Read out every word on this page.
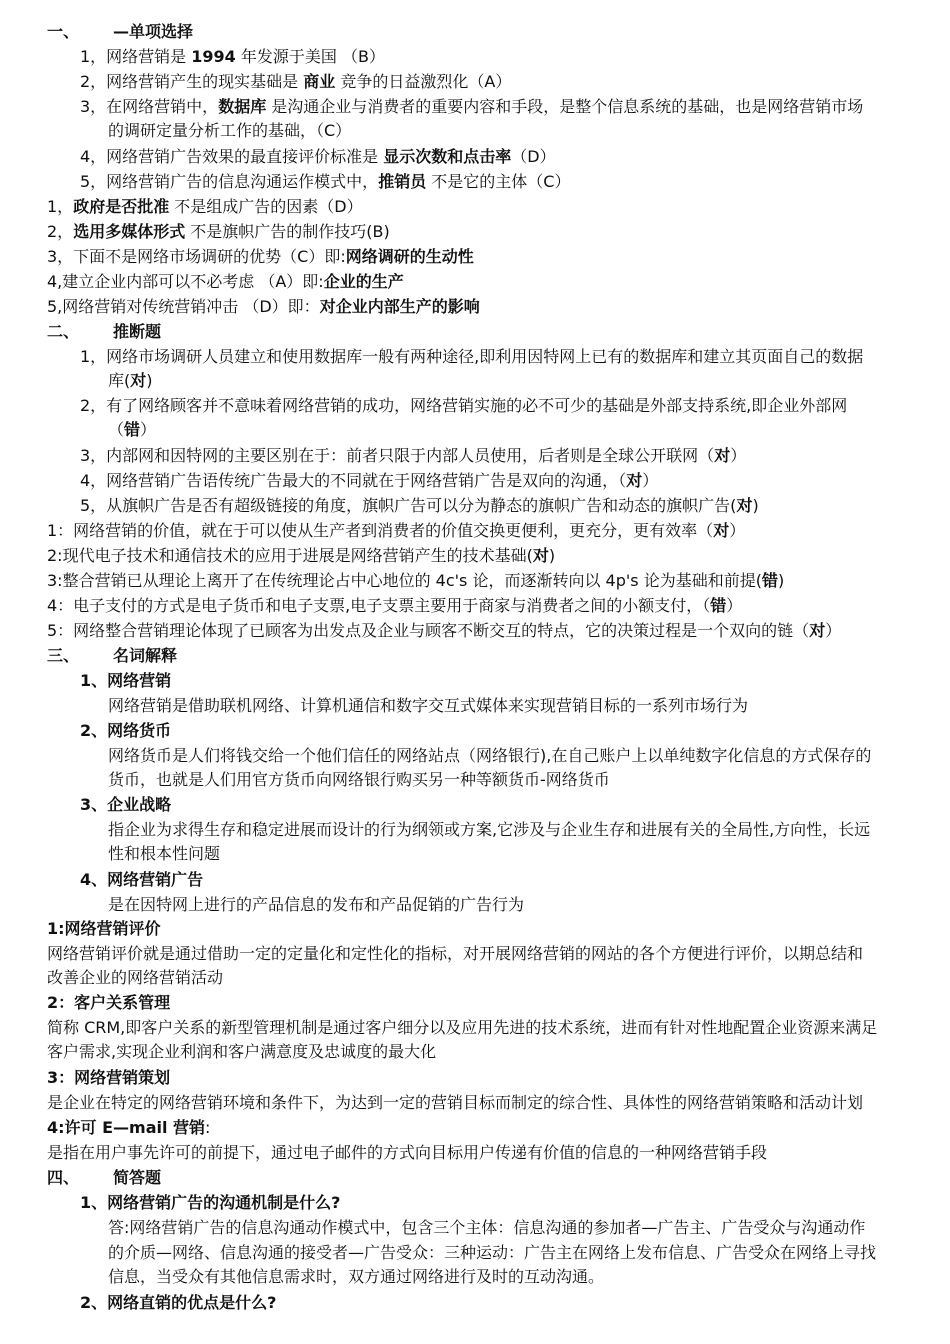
一、 —单项选择
1，网络营销是 1994 年发源于美国 （B）
2，网络营销产生的现实基础是 商业 竞争的日益激烈化（A）
3，在网络营销中，数据库 是沟通企业与消费者的重要内容和手段，是整个信息系统的基础，也是网络营销市场
的调研定量分析工作的基础，（C）
4，网络营销广告效果的最直接评价标准是 显示次数和点击率（D）
5，网络营销广告的信息沟通运作模式中，推销员 不是它的主体（C）
1，政府是否批准 不是组成广告的因素（D）
2，选用多媒体形式 不是旗帜广告的制作技巧(B)
3，下面不是网络市场调研的优势（C）即:网络调研的生动性
4,建立企业内部可以不必考虑 （A）即:企业的生产
5,网络营销对传统营销冲击 （D）即：对企业内部生产的影响
二、 推断题
1，网络市场调研人员建立和使用数据库一般有两种途径,即利用因特网上已有的数据库和建立其页面自己的数据
库(对)
2，有了网络顾客并不意味着网络营销的成功，网络营销实施的必不可少的基础是外部支持系统,即企业外部网
（错）
3，内部网和因特网的主要区别在于：前者只限于内部人员使用，后者则是全球公开联网（对）
4，网络营销广告语传统广告最大的不同就在于网络营销广告是双向的沟通，（对）
5，从旗帜广告是否有超级链接的角度，旗帜广告可以分为静态的旗帜广告和动态的旗帜广告(对)
1：网络营销的价值，就在于可以使从生产者到消费者的价值交换更便利，更充分，更有效率（对）
2:现代电子技术和通信技术的应用于进展是网络营销产生的技术基础(对)
3:整合营销已从理论上离开了在传统理论占中心地位的 4c's 论，而逐渐转向以 4p's 论为基础和前提(错)
4：电子支付的方式是电子货币和电子支票,电子支票主要用于商家与消费者之间的小额支付，（错）
5：网络整合营销理论体现了已顾客为出发点及企业与顾客不断交互的特点，它的决策过程是一个双向的链（对）
三、 名词解释
1、网络营销
网络营销是借助联机网络、计算机通信和数字交互式媒体来实现营销目标的一系列市场行为
2、网络货币
网络货币是人们将钱交给一个他们信任的网络站点（网络银行),在自己账户上以单纯数字化信息的方式保存的
货币，也就是人们用官方货币向网络银行购买另一种等额货币-网络货币
3、企业战略
指企业为求得生存和稳定进展而设计的行为纲领或方案,它涉及与企业生存和进展有关的全局性,方向性，长远
性和根本性问题
4、网络营销广告
是在因特网上进行的产品信息的发布和产品促销的广告行为
1:网络营销评价
网络营销评价就是通过借助一定的定量化和定性化的指标，对开展网络营销的网站的各个方便进行评价，以期总结和
改善企业的网络营销活动
2：客户关系管理
简称 CRM,即客户关系的新型管理机制是通过客户细分以及应用先进的技术系统，进而有针对性地配置企业资源来满足
客户需求,实现企业利润和客户满意度及忠诚度的最大化
3：网络营销策划
是企业在特定的网络营销环境和条件下，为达到一定的营销目标而制定的综合性、具体性的网络营销策略和活动计划
4:许可 E—mail 营销:
是指在用户事先许可的前提下，通过电子邮件的方式向目标用户传递有价值的信息的一种网络营销手段
四、 简答题
1、网络营销广告的沟通机制是什么?
答:网络营销广告的信息沟通动作模式中，包含三个主体：信息沟通的参加者—广告主、广告受众与沟通动作
的介质—网络、信息沟通的接受者—广告受众：三种运动：广告主在网络上发布信息、广告受众在网络上寻找
信息，当受众有其他信息需求时，双方通过网络进行及时的互动沟通。
2、网络直销的优点是什么?
